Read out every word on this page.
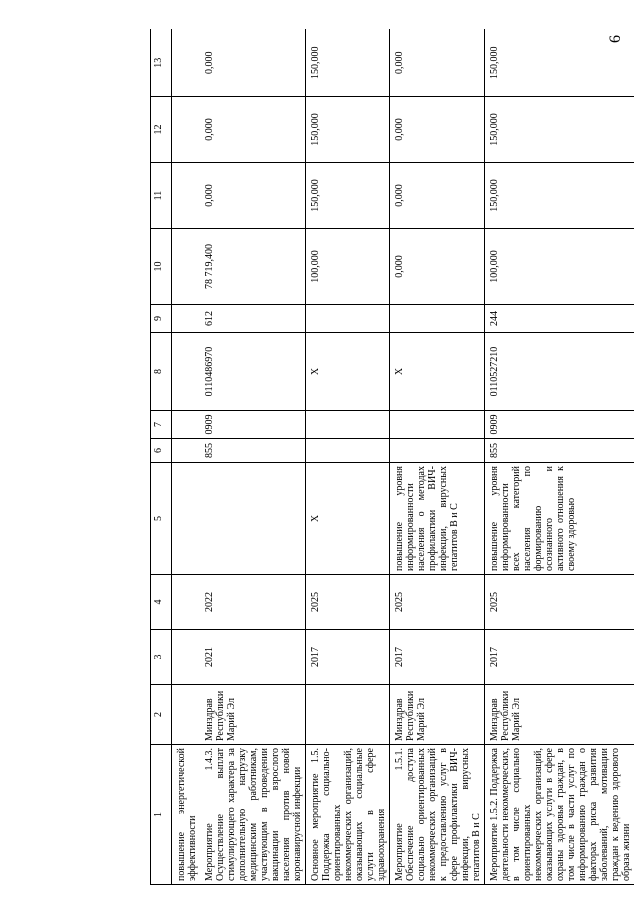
6
1	2	3	4	5	6	7	8	9	10	11	12	13
повышение энергетической эффективности												
Мероприятие 1.4.3. Осуществление выплат стимулирующего характера за дополнительную нагрузку медицинским работникам, участвующим в проведении вакцинации взрослого населения против новой коронавирусной инфекции	Минздрав Республики Марий Эл	2021	2022		855	0909	0110486970	612	78 719,400	0,000	0,000	0,000
Основное мероприятие 1.5. Поддержка социально-ориентированных некоммерческих организаций, оказывающих социальные услуги в сфере здравоохранения		2017	2025	Х			Х		100,000	150,000	150,000	150,000
Мероприятие 1.5.1. Обеспечение доступа социально ориентированных некоммерческих организаций к предоставлению услуг в сфере профилактики ВИЧ-инфекции, вирусных гепатитов В и С	Минздрав Республики Марий Эл	2017	2025	повышение уровня информированности населения о методах профилактики ВИЧ-инфекции, вирусных гепатитов В и С			Х		0,000	0,000	0,000	0,000
Мероприятие 1.5.2. Поддержка деятельности некоммерческих, в том числе социально ориентированных некоммерческих организаций, оказывающих услуги в сфере охраны здоровья граждан, в том числе в части услуг по информированию граждан о факторах риска развития заболеваний, мотивации граждан к ведению здорового образа жизни	Минздрав Республики Марий Эл	2017	2025	повышение уровня информированности всех категорий населения по формированию осознанного и активного отношения к своему здоровью	855	0909	0110527210	244	100,000	150,000	150,000	150,000
